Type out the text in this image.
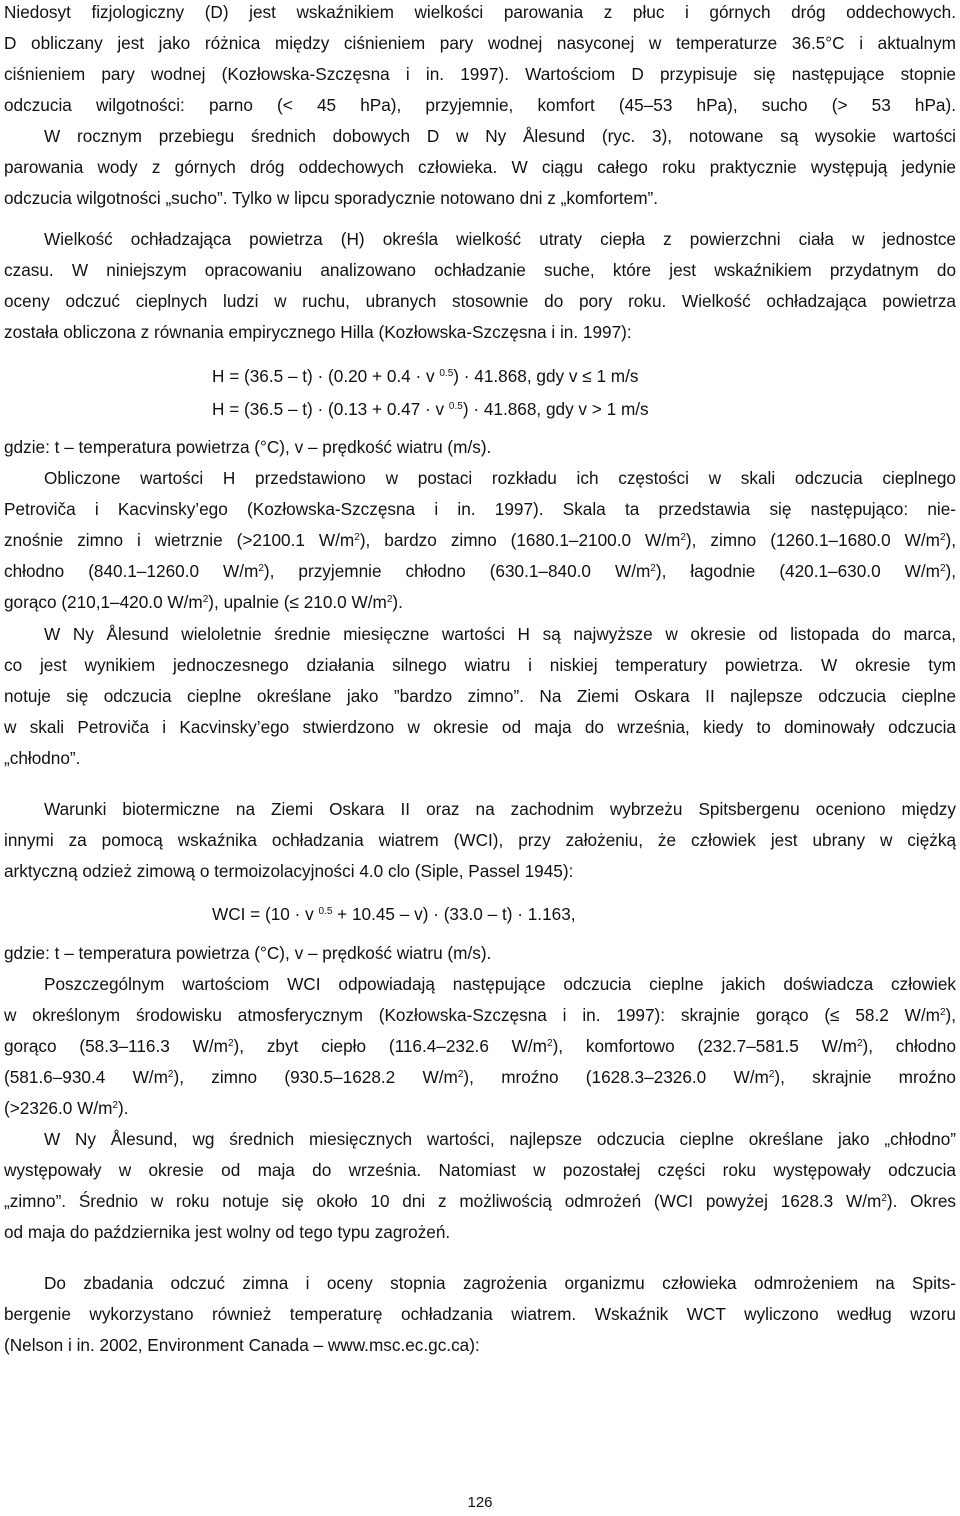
Niedosyt fizjologiczny (D) jest wskaźnikiem wielkości parowania z płuc i górnych dróg oddechowych.
D obliczany jest jako różnica między ciśnieniem pary wodnej nasyconej w temperaturze 36.5°C i aktualnym
ciśnieniem pary wodnej (Kozłowska-Szczęsna i in. 1997). Wartościom D przypisuje się następujące stopnie
odczucia wilgotności: parno (< 45 hPa), przyjemnie, komfort (45–53 hPa), sucho (> 53 hPa).
W rocznym przebiegu średnich dobowych D w Ny Ålesund (ryc. 3), notowane są wysokie wartości
parowania wody z górnych dróg oddechowych człowieka. W ciągu całego roku praktycznie występują jedynie
odczucia wilgotności „sucho”. Tylko w lipcu sporadycznie notowano dni z „komfortem”.
Wielkość ochładzająca powietrza (H) określa wielkość utraty ciepła z powierzchni ciała w jednostce
czasu. W niniejszym opracowaniu analizowano ochładzanie suche, które jest wskaźnikiem przydatnym do
oceny odczuć cieplnych ludzi w ruchu, ubranych stosownie do pory roku. Wielkość ochładzająca powietrza
została obliczona z równania empirycznego Hilla (Kozłowska-Szczęsna i in. 1997):
H = (36.5 – t) · (0.20 + 0.4 · v $^{0.5}$) · 41.868, gdy v ≤ 1 m/s
H = (36.5 – t) · (0.13 + 0.47 · v $^{0.5}$) · 41.868, gdy v > 1 m/s
gdzie: t – temperatura powietrza (°C), v – prędkość wiatru (m/s).
Obliczone wartości H przedstawiono w postaci rozkładu ich częstości w skali odczucia cieplnego
Petroviča i Kacvinsky’ego (Kozłowska-Szczęsna i in. 1997). Skala ta przedstawia się następująco: nie-
znośnie zimno i wietrznie (>2100.1 $W/m^2$), bardzo zimno (1680.1–2100.0 $W/m^2$), zimno (1260.1–1680.0 $W/m^2$),
chłodno (840.1–1260.0 $W/m^2$), przyjemnie chłodno (630.1–840.0 $W/m^2$), łagodnie (420.1–630.0 $W/m^2$),
gorąco (210,1–420.0 $W/m^2$), upalnie (≤ 210.0 $W/m^2$).
W Ny Ålesund wieloletnie średnie miesięczne wartości H są najwyższe w okresie od listopada do marca,
co jest wynikiem jednoczesnego działania silnego wiatru i niskiej temperatury powietrza. W okresie tym
notuje się odczucia cieplne określane jako ”bardzo zimno”. Na Ziemi Oskara II najlepsze odczucia cieplne
w skali Petroviča i Kacvinsky’ego stwierdzono w okresie od maja do września, kiedy to dominowały odczucia
„chłodno”.
Warunki biotermiczne na Ziemi Oskara II oraz na zachodnim wybrzeżu Spitsbergenu oceniono między
innymi za pomocą wskaźnika ochładzania wiatrem (WCI), przy założeniu, że człowiek jest ubrany w ciężką
arktyczną odzież zimową o termoizolacyjności 4.0 clo (Siple, Passel 1945):
WCI = (10 · v $^{0.5}$ + 10.45 – v) · (33.0 – t) · 1.163,
gdzie: t – temperatura powietrza (°C), v – prędkość wiatru (m/s).
Poszczególnym wartościom WCI odpowiadają następujące odczucia cieplne jakich doświadcza człowiek
w określonym środowisku atmosferycznym (Kozłowska-Szczęsna i in. 1997): skrajnie gorąco (≤ 58.2 $W/m^2$),
gorąco (58.3–116.3 $W/m^2$), zbyt ciepło (116.4–232.6 $W/m^2$), komfortowo (232.7–581.5 $W/m^2$), chłodno
(581.6–930.4 $W/m^2$), zimno (930.5–1628.2 $W/m^2$), mroźno (1628.3–2326.0 $W/m^2$), skrajnie mroźno
(>2326.0 $W/m^2$).
W Ny Ålesund, wg średnich miesięcznych wartości, najlepsze odczucia cieplne określane jako „chłodno”
występowały w okresie od maja do września. Natomiast w pozostałej części roku występowały odczucia
„zimno”. Średnio w roku notuje się około 10 dni z możliwością odmrożeń (WCI powyżej 1628.3 $W/m^2$). Okres
od maja do października jest wolny od tego typu zagrożeń.
Do zbadania odczuć zimna i oceny stopnia zagrożenia organizmu człowieka odmrożeniem na Spits-
bergenie wykorzystano również temperaturę ochładzania wiatrem. Wskaźnik WCT wyliczono według wzoru
(Nelson i in. 2002, Environment Canada – www.msc.ec.gc.ca):
126
